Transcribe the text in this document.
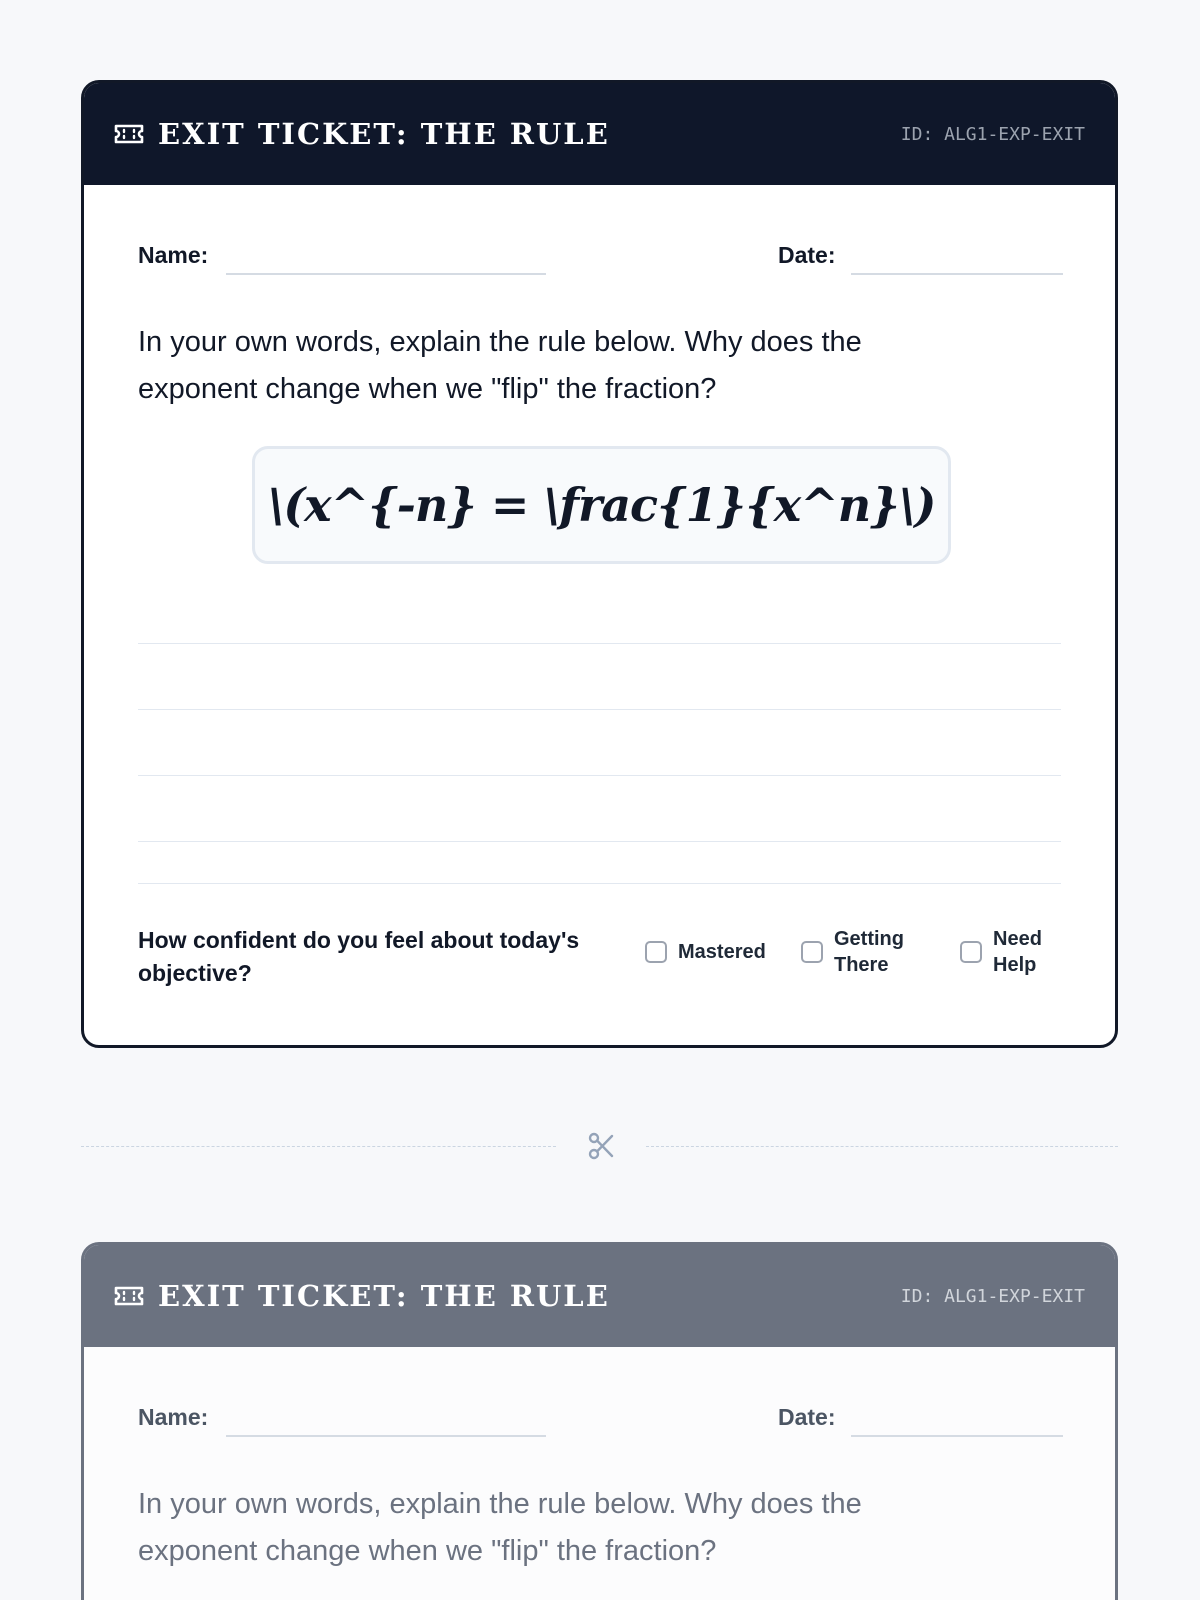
EXIT TICKET: THE RULE	ID: ALG1-EXP-EXIT
Name:	Date:

In your own words, explain the rule below. Why does the exponent change when we "flip" the fraction?

\(x^{-n} = \frac{1}{x^n}\)
How confident do you feel about today's objective?
Mastered
Getting There
Need Help
EXIT TICKET: THE RULE	ID: ALG1-EXP-EXIT
Name:	Date:

In your own words, explain the rule below. Why does the exponent change when we "flip" the fraction?
